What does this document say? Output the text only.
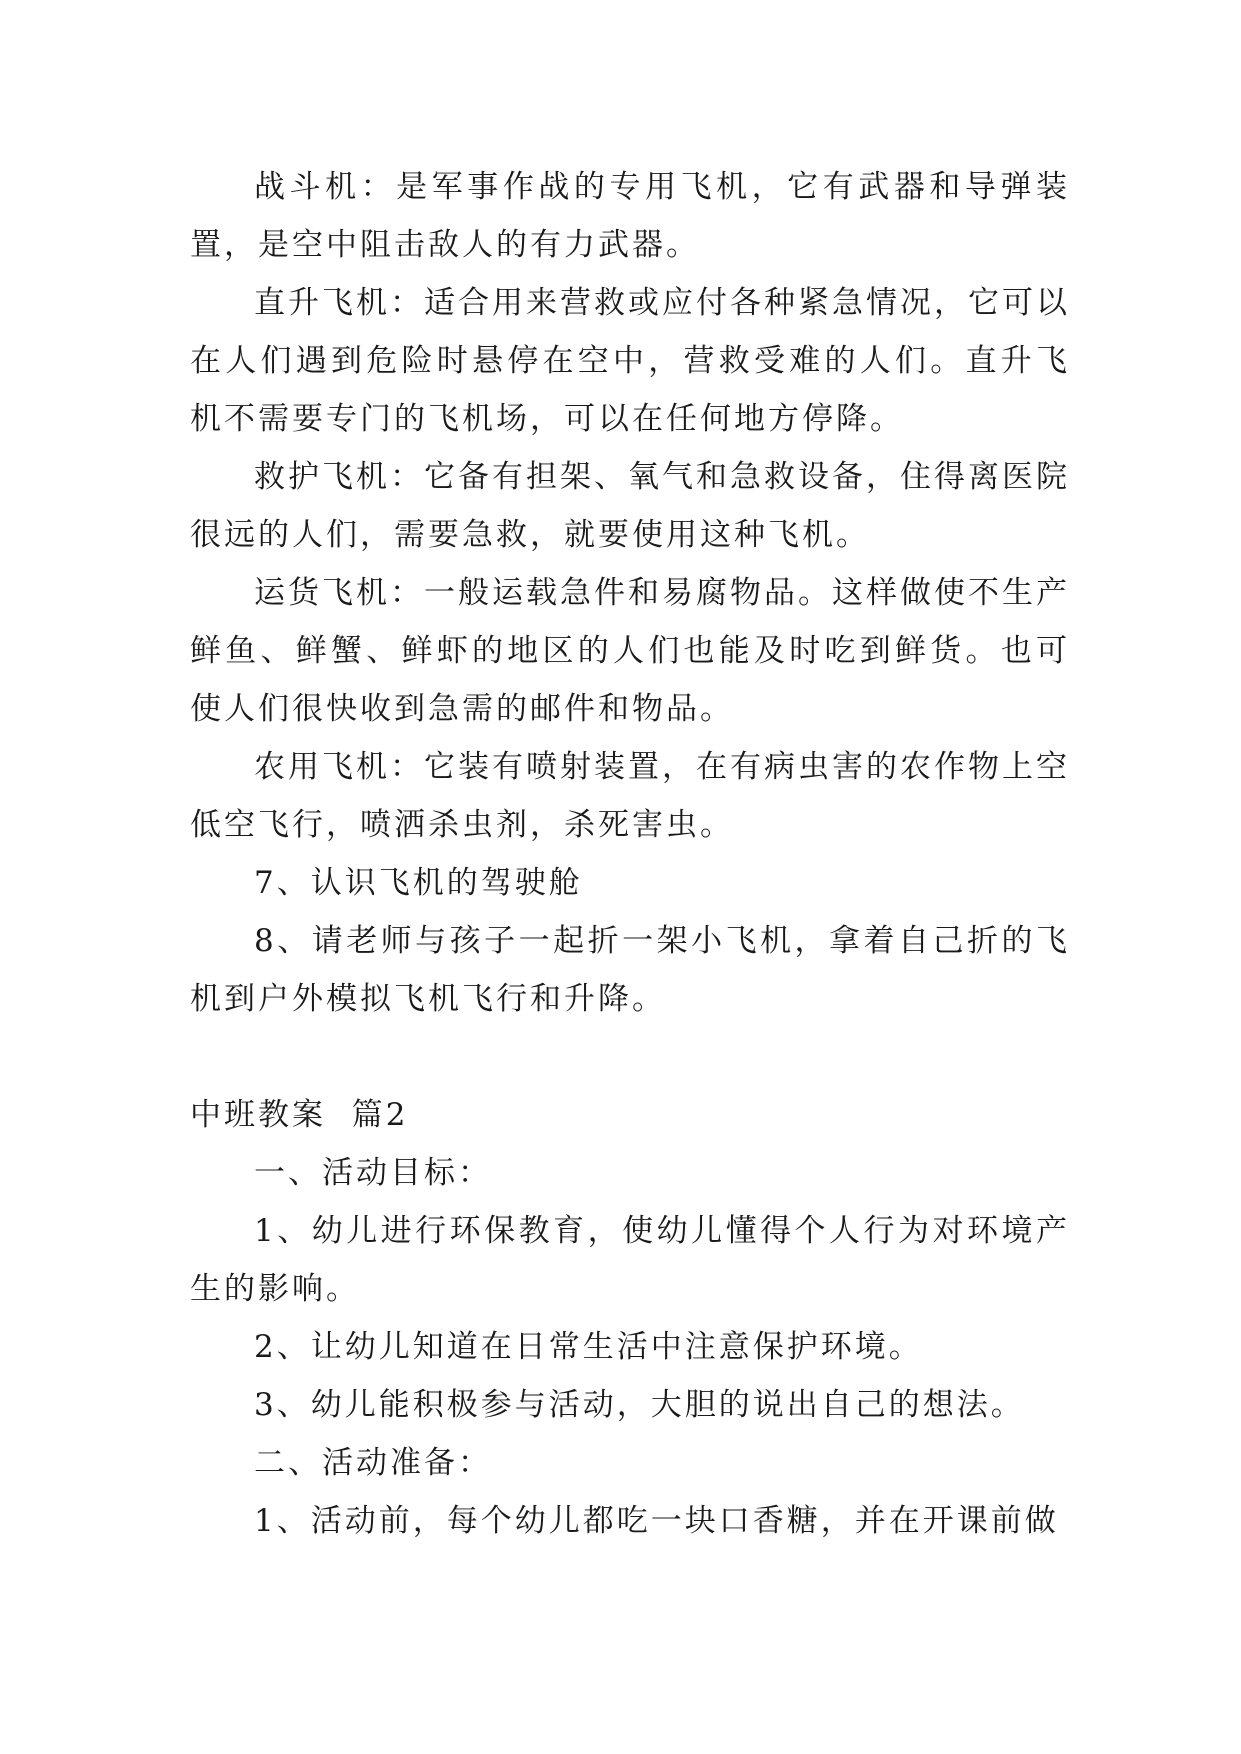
战斗机：是军事作战的专用飞机，它有武器和导弹装置，是空中阻击敌人的有力武器。

直升飞机：适合用来营救或应付各种紧急情况，它可以在人们遇到危险时悬停在空中，营救受难的人们。直升飞机不需要专门的飞机场，可以在任何地方停降。

救护飞机：它备有担架、氧气和急救设备，住得离医院很远的人们，需要急救，就要使用这种飞机。

运货飞机：一般运载急件和易腐物品。这样做使不生产鲜鱼、鲜蟹、鲜虾的地区的人们也能及时吃到鲜货。也可使人们很快收到急需的邮件和物品。

农用飞机：它装有喷射装置，在有病虫害的农作物上空低空飞行，喷洒杀虫剂，杀死害虫。

7、认识飞机的驾驶舱

8、请老师与孩子一起折一架小飞机，拿着自己折的飞机到户外模拟飞机飞行和升降。

中班教案  篇2

一、活动目标：

1、幼儿进行环保教育，使幼儿懂得个人行为对环境产生的影响。

2、让幼儿知道在日常生活中注意保护环境。

3、幼儿能积极参与活动，大胆的说出自己的想法。

二、活动准备：

1、活动前，每个幼儿都吃一块口香糖，并在开课前做
